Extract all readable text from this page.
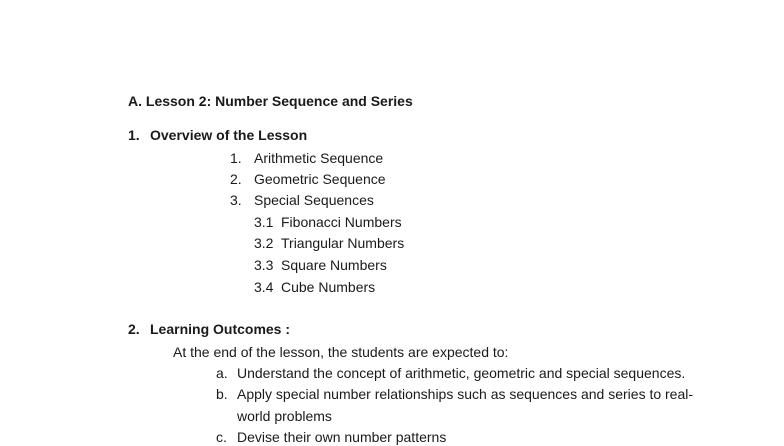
A. Lesson 2: Number Sequence and Series
1. Overview of the Lesson
1. Arithmetic Sequence
2. Geometric Sequence
3. Special Sequences
3.1 Fibonacci Numbers
3.2 Triangular Numbers
3.3 Square Numbers
3.4 Cube Numbers
2. Learning Outcomes :
At the end of the lesson, the students are expected to:
a. Understand the concept of arithmetic, geometric and special sequences.
b. Apply special number relationships such as sequences and series to real-
world problems
c. Devise their own number patterns
